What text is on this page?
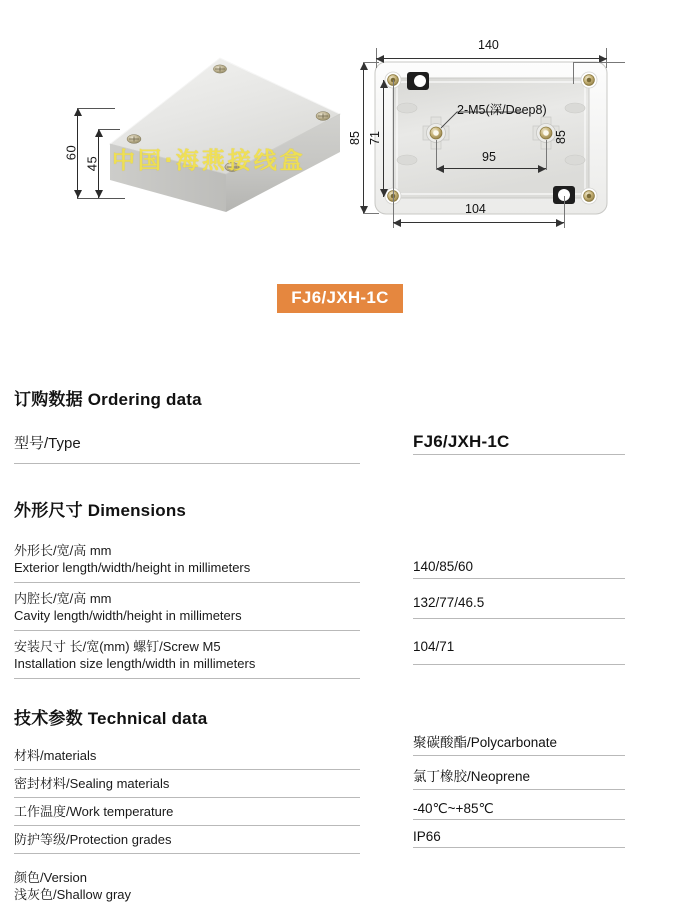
中国·海燕接线盒
60
45
140
85 71	85
2-M5(深/Deep8)
95
104
FJ6/JXH-1C
订购数据 Ordering data
型号/Type	FJ6/JXH-1C
外形尺寸 Dimensions
外形长/宽/高 mm
Exterior length/width/height in millimeters	140/85/60
内腔长/宽/高 mm
Cavity length/width/height in millimeters
132/77/46.5
安装尺寸 长/宽(mm) 螺钉/Screw M5
Installation size length/width in millimeters
104/71
技术参数 Technical data
材料/materials
聚碳酸酯/Polycarbonate
密封材料/Sealing materials	氯丁橡胶/Neoprene
工作温度/Work temperature	-40℃~+85℃
防护等级/Protection grades	IP66
颜色/Version
浅灰色/Shallow gray
